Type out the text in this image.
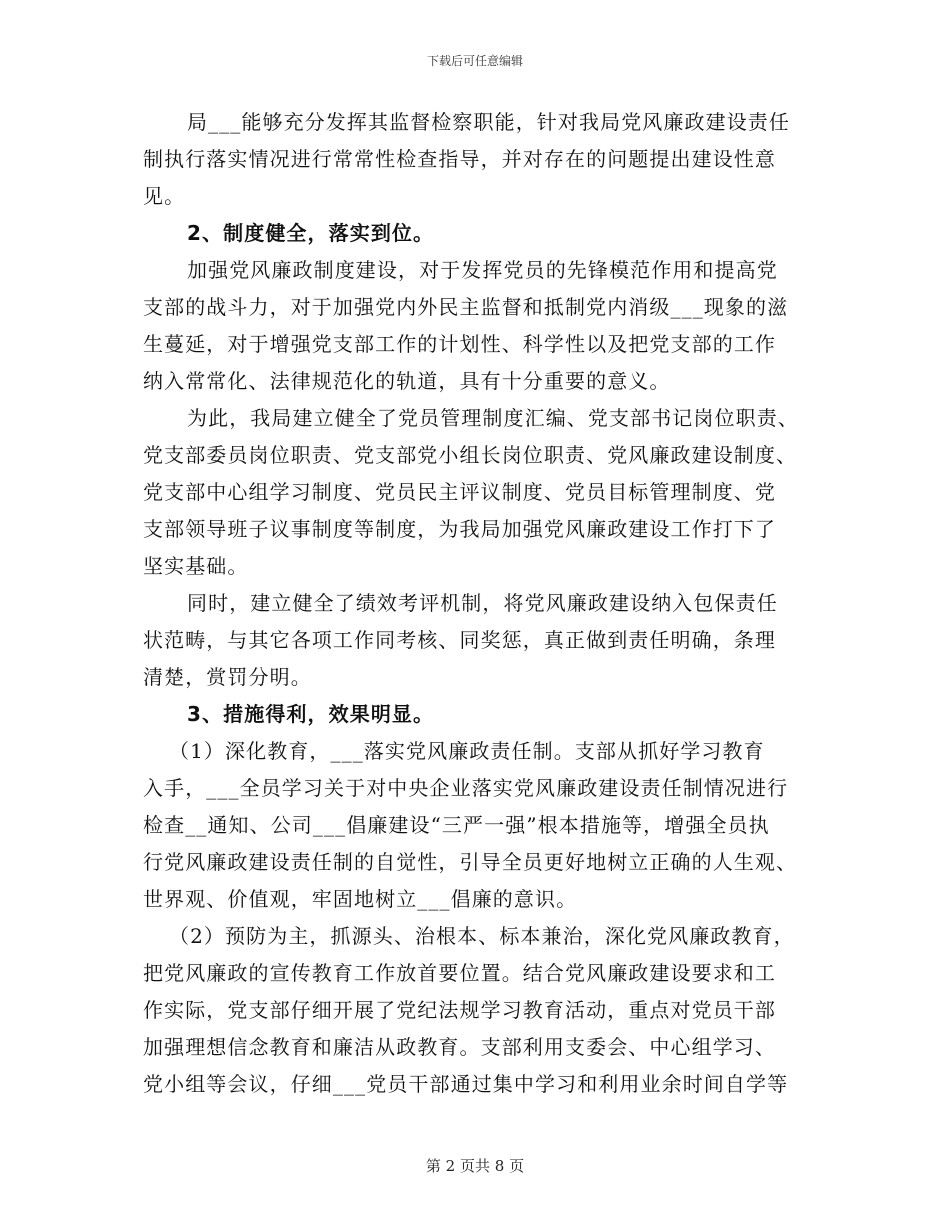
下载后可任意编辑
局___能够充分发挥其监督检察职能，针对我局党风廉政建设责任
制执行落实情况进行常常性检查指导，并对存在的问题提出建设性意
见。
2、制度健全，落实到位。
加强党风廉政制度建设，对于发挥党员的先锋模范作用和提高党
支部的战斗力，对于加强党内外民主监督和抵制党内消级___现象的滋
生蔓延，对于增强党支部工作的计划性、科学性以及把党支部的工作
纳入常常化、法律规范化的轨道，具有十分重要的意义。
为此，我局建立健全了党员管理制度汇编、党支部书记岗位职责、
党支部委员岗位职责、党支部党小组长岗位职责、党风廉政建设制度、
党支部中心组学习制度、党员民主评议制度、党员目标管理制度、党
支部领导班子议事制度等制度，为我局加强党风廉政建设工作打下了
坚实基础。
同时，建立健全了绩效考评机制，将党风廉政建设纳入包保责任
状范畴，与其它各项工作同考核、同奖惩，真正做到责任明确，条理
清楚，赏罚分明。
3、措施得利，效果明显。
（1）深化教育，___落实党风廉政责任制。支部从抓好学习教育
入手，___全员学习关于对中央企业落实党风廉政建设责任制情况进行
检查__通知、公司___倡廉建设“三严一强”根本措施等，增强全员执
行党风廉政建设责任制的自觉性，引导全员更好地树立正确的人生观、
世界观、价值观，牢固地树立___倡廉的意识。
（2）预防为主，抓源头、治根本、标本兼治，深化党风廉政教育，
把党风廉政的宣传教育工作放首要位置。结合党风廉政建设要求和工
作实际，党支部仔细开展了党纪法规学习教育活动，重点对党员干部
加强理想信念教育和廉洁从政教育。支部利用支委会、中心组学习、
党小组等会议，仔细___党员干部通过集中学习和利用业余时间自学等
第 2 页共 8 页
